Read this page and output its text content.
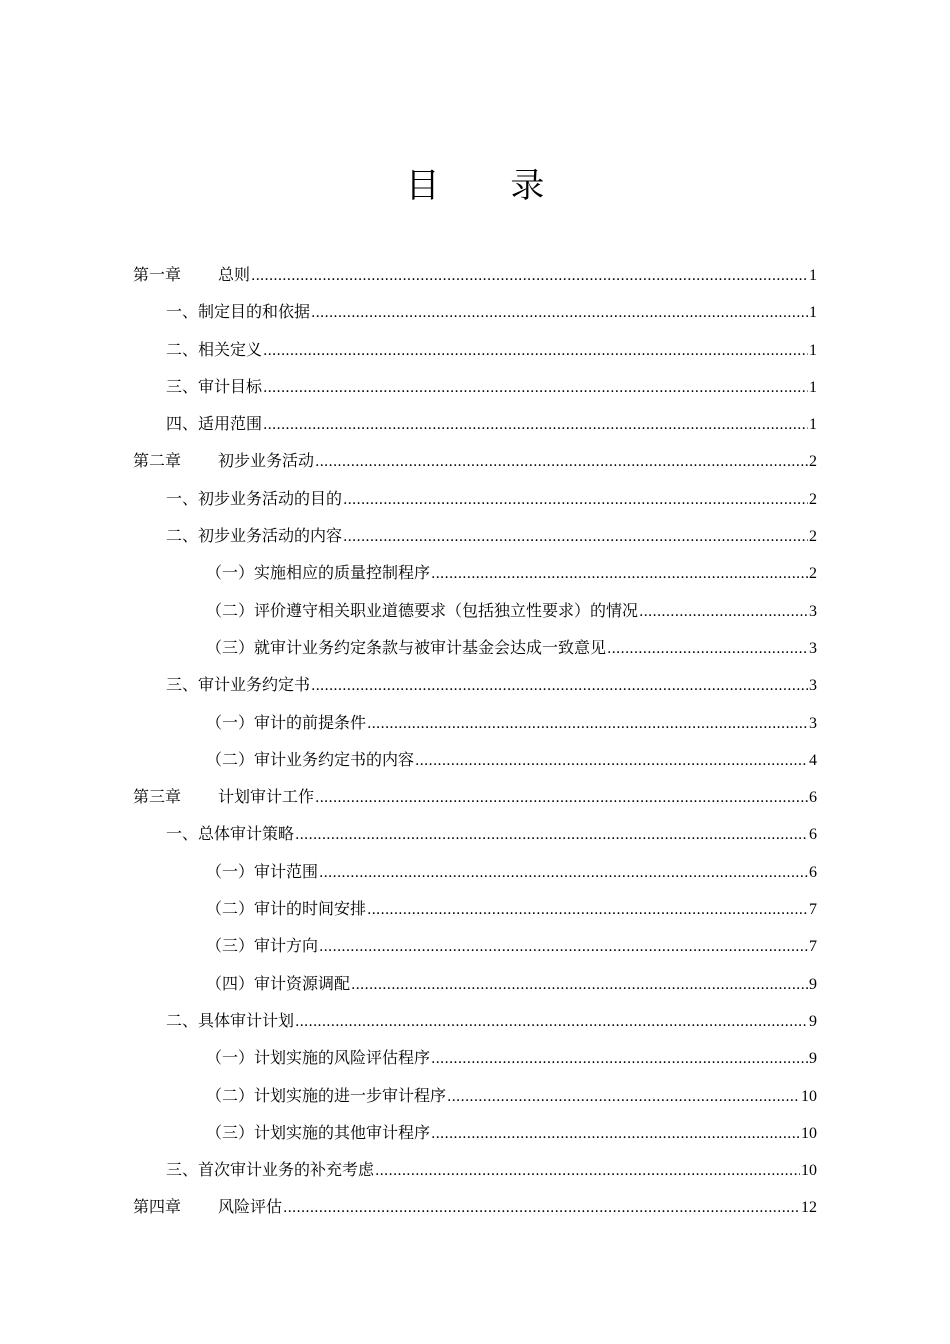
目 录
第一章	总则 .....	1
一、制定目的和依据 .....	1
二、相关定义 .....	1
三、审计目标 .....	1
四、适用范围 .....	1
第二章	初步业务活动 .....	2
一、初步业务活动的目的 .....	2
二、初步业务活动的内容 .....	2
（一）实施相应的质量控制程序 .....	2
（二）评价遵守相关职业道德要求（包括独立性要求）的情况 .....	3
（三）就审计业务约定条款与被审计基金会达成一致意见 .....	3
三、审计业务约定书 .....	3
（一）审计的前提条件 .....	3
（二）审计业务约定书的内容 .....	4
第三章	计划审计工作 .....	6
一、总体审计策略 .....	6
（一）审计范围 .....	6
（二）审计的时间安排 .....	7
（三）审计方向 .....	7
（四）审计资源调配 .....	9
二、具体审计计划 .....	9
（一）计划实施的风险评估程序 .....	9
（二）计划实施的进一步审计程序 .....	10
（三）计划实施的其他审计程序 .....	10
三、首次审计业务的补充考虑 .....	10
第四章	风险评估 .....	12
